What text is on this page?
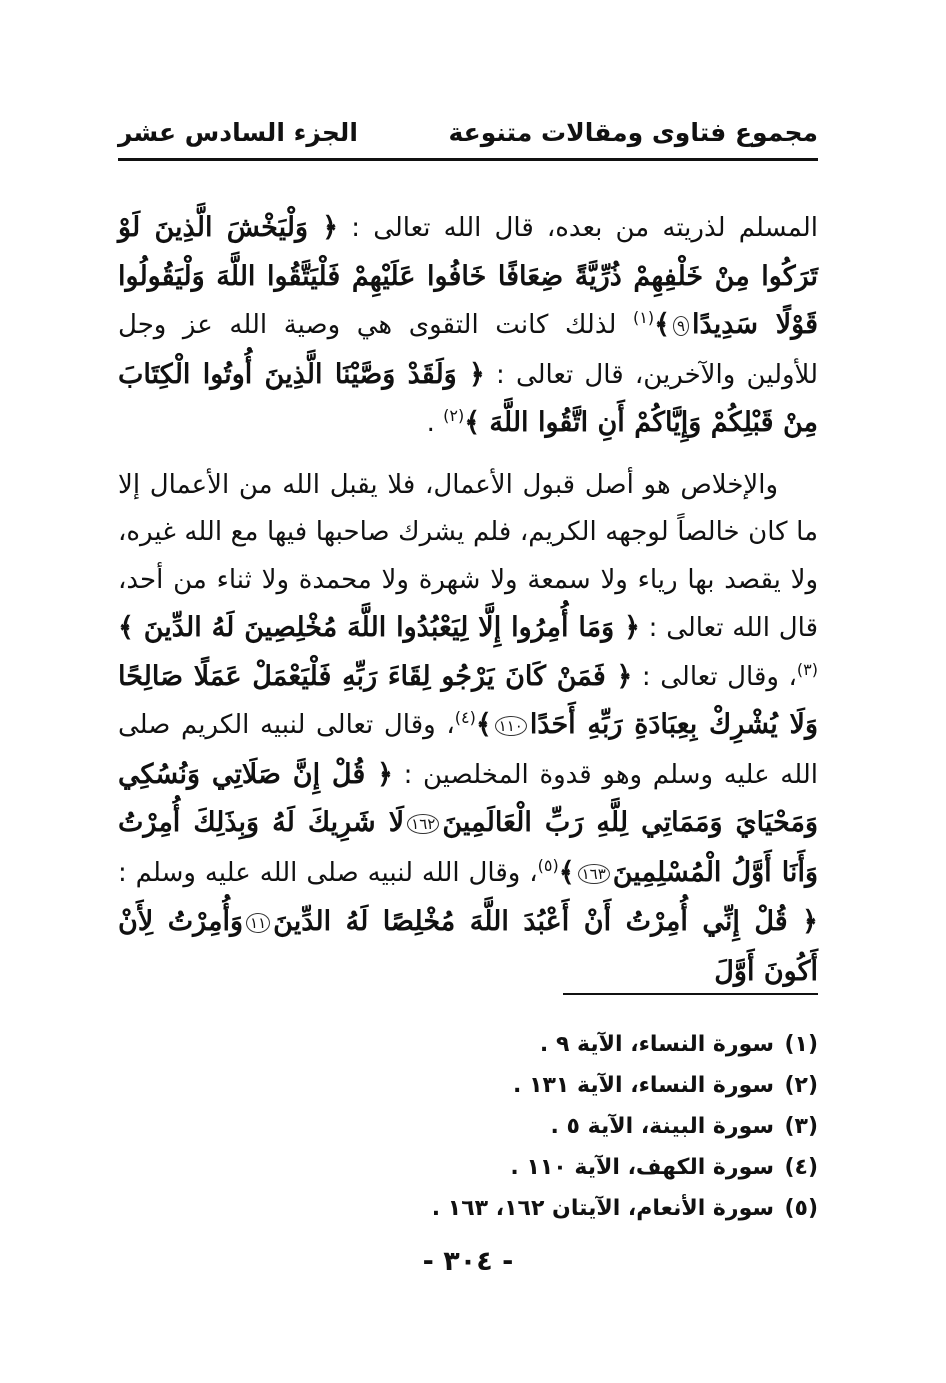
مجموع فتاوى ومقالات متنوعة
الجزء السادس عشر

المسلم لذريته من بعده، قال الله تعالى : ﴿ وَلْيَخْشَ الَّذِينَ لَوْ تَرَكُوا مِنْ خَلْفِهِمْ ذُرِّيَّةً ضِعَافًا خَافُوا عَلَيْهِمْ فَلْيَتَّقُوا اللَّهَ وَلْيَقُولُوا قَوْلًا سَدِيدًا٩﴾$^{(١)}$ لذلك كانت التقوى هي وصية الله عز وجل للأولين والآخرين، قال تعالى : ﴿ وَلَقَدْ وَصَّيْنَا الَّذِينَ أُوتُوا الْكِتَابَ مِنْ قَبْلِكُمْ وَإِيَّاكُمْ أَنِ اتَّقُوا اللَّهَ ﴾$^{(٢)}$ .

والإخلاص هو أصل قبول الأعمال، فلا يقبل الله من الأعمال إلا ما كان خالصاً لوجهه الكريم، فلم يشرك صاحبها فيها مع الله غيره، ولا يقصد بها رياء ولا سمعة ولا شهرة ولا محمدة ولا ثناء من أحد، قال الله تعالى : ﴿ وَمَا أُمِرُوا إِلَّا لِيَعْبُدُوا اللَّهَ مُخْلِصِينَ لَهُ الدِّينَ ﴾$^{(٣)}$، وقال تعالى : ﴿ فَمَنْ كَانَ يَرْجُو لِقَاءَ رَبِّهِ فَلْيَعْمَلْ عَمَلًا صَالِحًا وَلَا يُشْرِكْ بِعِبَادَةِ رَبِّهِ أَحَدًا١١٠﴾$^{(٤)}$، وقال تعالى لنبيه الكريم صلى الله عليه وسلم وهو قدوة المخلصين : ﴿ قُلْ إِنَّ صَلَاتِي وَنُسُكِي وَمَحْيَايَ وَمَمَاتِي لِلَّهِ رَبِّ الْعَالَمِينَ١٦٢لَا شَرِيكَ لَهُ وَبِذَلِكَ أُمِرْتُ وَأَنَا أَوَّلُ الْمُسْلِمِينَ١٦٣﴾$^{(٥)}$، وقال الله لنبيه صلى الله عليه وسلم : ﴿ قُلْ إِنِّي أُمِرْتُ أَنْ أَعْبُدَ اللَّهَ مُخْلِصًا لَهُ الدِّينَ١١وَأُمِرْتُ لِأَنْ أَكُونَ أَوَّلَ

(١)
سورة النساء، الآية ٩ .
(٢)
سورة النساء، الآية ١٣١ .
(٣)
سورة البينة، الآية ٥ .
(٤)
سورة الكهف، الآية ١١٠ .
(٥)
سورة الأنعام، الآيتان ١٦٢، ١٦٣ .
- ٣٠٤ -
